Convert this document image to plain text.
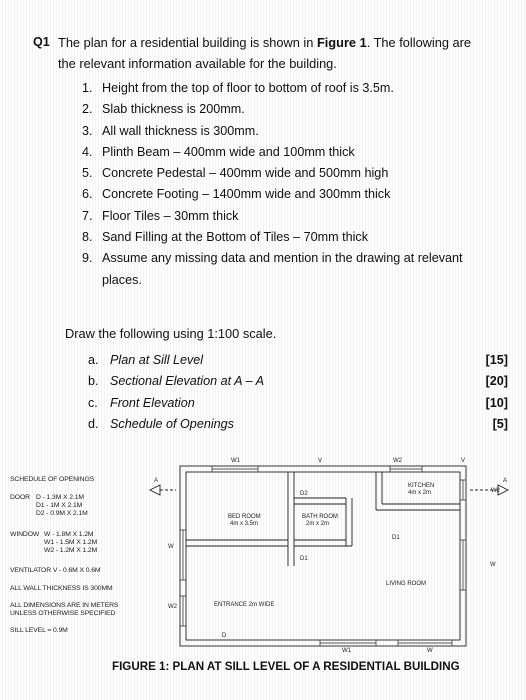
Q1 The plan for a residential building is shown in Figure 1. The following are the relevant information available for the building.
1. Height from the top of floor to bottom of roof is 3.5m.
2. Slab thickness is 200mm.
3. All wall thickness is 300mm.
4. Plinth Beam – 400mm wide and 100mm thick
5. Concrete Pedestal – 400mm wide and 500mm high
6. Concrete Footing – 1400mm wide and 300mm thick
7. Floor Tiles – 30mm thick
8. Sand Filling at the Bottom of Tiles – 70mm thick
9. Assume any missing data and mention in the drawing at relevant places.
Draw the following using 1:100 scale.
a. Plan at Sill Level	[15]
b. Sectional Elevation at A – A	[20]
c. Front Elevation	[10]
d. Schedule of Openings	[5]
SCHEDULE OF OPENINGS
DOOR D - 1.3M X 2.1M
D1 - 1M X 2.1M
D2 - 0.9M X 2.1M
WINDOW W - 1.8M X 1.2M
W1 - 1.5M X 1.2M
W2 - 1.2M X 1.2M
VENTILATOR V - 0.6M X 0.6M
ALL WALL THICKNESS IS 300MM
ALL DIMENSIONS ARE IN METERS
UNLESS OTHERWISE SPECIFIED
SILL LEVEL = 0.9M
W1	V	W2	V
W2
W
W
W2
D2
D1
D1
D
W1	W
A	A
BED ROOM
4m x 3.5m
BATH ROOM
2m x 2m
KITCHEN
4m x 2m
LIVING ROOM
ENTRANCE 2m WIDE
FIGURE 1: PLAN AT SILL LEVEL OF A RESIDENTIAL BUILDING
